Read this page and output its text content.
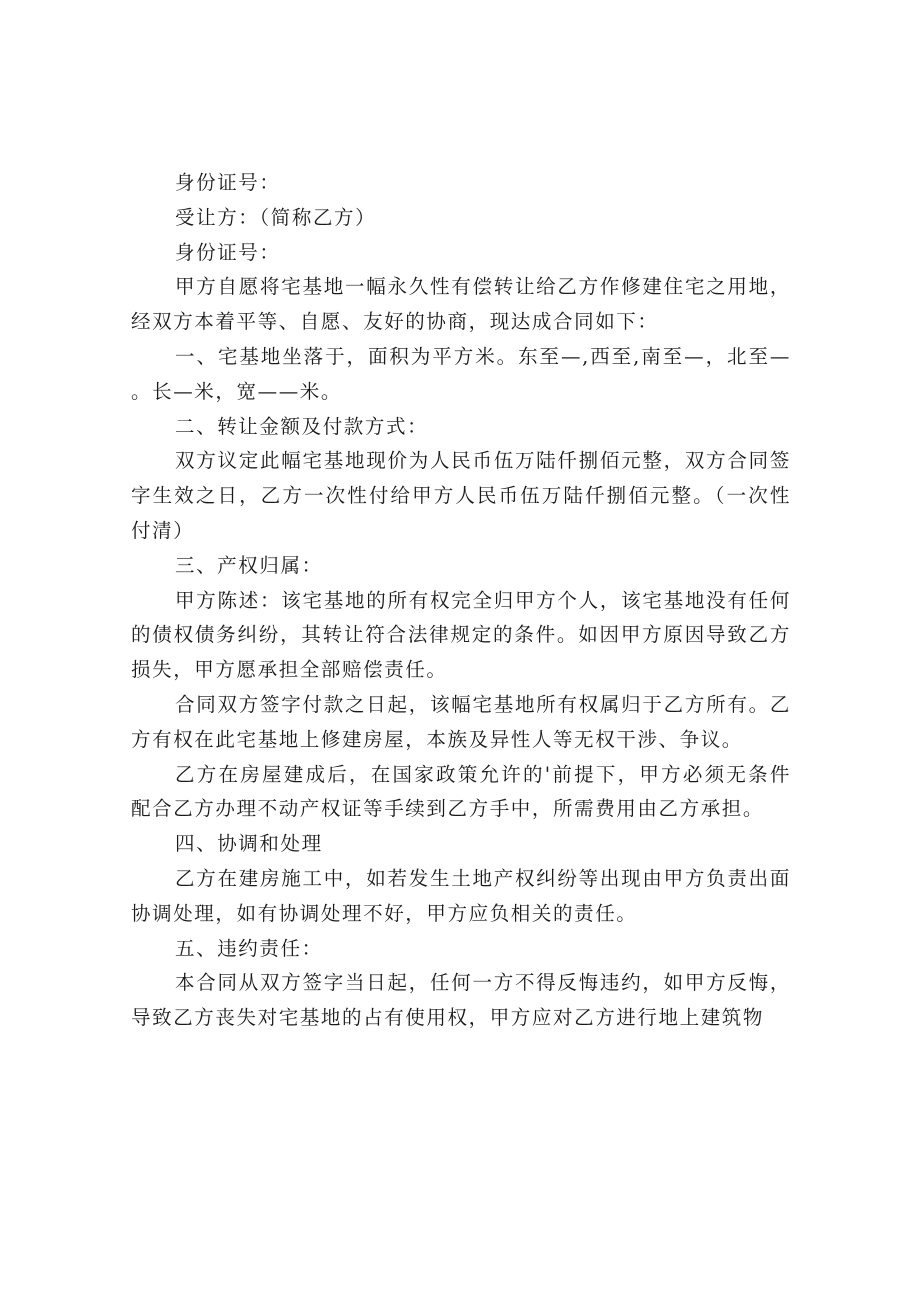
身份证号：

受让方：（简称乙方）

身份证号：

甲方自愿将宅基地一幅永久性有偿转让给乙方作修建住宅之用地，经双方本着平等、自愿、友好的协商，现达成合同如下：

一、宅基地坐落于，面积为平方米。东至—,西至,南至—，北至—。长—米，宽——米。

二、转让金额及付款方式：

双方议定此幅宅基地现价为人民币伍万陆仟捌佰元整，双方合同签字生效之日，乙方一次性付给甲方人民币伍万陆仟捌佰元整。（一次性付清）

三、产权归属：

甲方陈述：该宅基地的所有权完全归甲方个人，该宅基地没有任何的债权债务纠纷，其转让符合法律规定的条件。如因甲方原因导致乙方损失，甲方愿承担全部赔偿责任。

合同双方签字付款之日起，该幅宅基地所有权属归于乙方所有。乙方有权在此宅基地上修建房屋，本族及异性人等无权干涉、争议。

乙方在房屋建成后，在国家政策允许的'前提下，甲方必须无条件配合乙方办理不动产权证等手续到乙方手中，所需费用由乙方承担。

四、协调和处理

乙方在建房施工中，如若发生土地产权纠纷等出现由甲方负责出面协调处理，如有协调处理不好，甲方应负相关的责任。

五、违约责任：

本合同从双方签字当日起，任何一方不得反悔违约，如甲方反悔，导致乙方丧失对宅基地的占有使用权，甲方应对乙方进行地上建筑物
